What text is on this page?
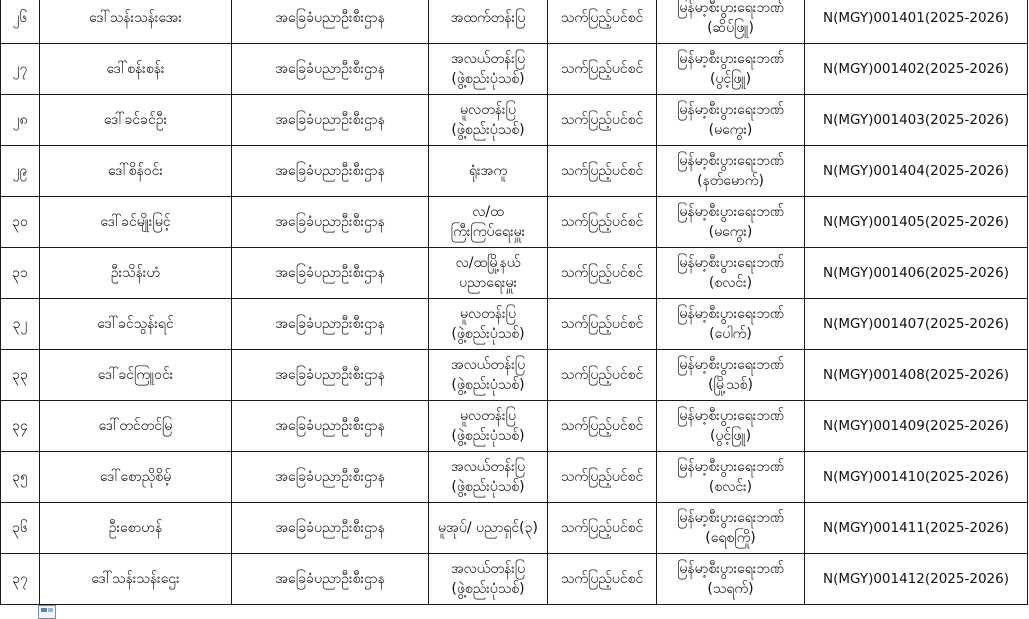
၂၆	ဒေါ်သန်းသန်းအေး	အခြေခံပညာဦးစီးဌာန	အထက်တန်းပြ	သက်ပြည့်ပင်စင်	မြန်မာ့စီးပွားရေးဘဏ်
(ဆိပ်ဖြူ)	N(MGY)001401(2025-2026)
၂၇	ဒေါ်စန်းစန်း	အခြေခံပညာဦးစီးဌာန	အလယ်တန်းပြ
(ဖွဲ့စည်းပုံသစ်)	သက်ပြည့်ပင်စင်	မြန်မာ့စီးပွားရေးဘဏ်
(ပွင့်ဖြူ)	N(MGY)001402(2025-2026)
၂၈	ဒေါ်ခင်ခင်ဦး	အခြေခံပညာဦးစီးဌာန	မူလတန်းပြ
(ဖွဲ့စည်းပုံသစ်)	သက်ပြည့်ပင်စင်	မြန်မာ့စီးပွားရေးဘဏ်
(မကွေး)	N(MGY)001403(2025-2026)
၂၉	ဒေါ်စိန်ဝင်း	အခြေခံပညာဦးစီးဌာန	ရုံးအကူ	သက်ပြည့်ပင်စင်	မြန်မာ့စီးပွားရေးဘဏ်
(နတ်မောက်)	N(MGY)001404(2025-2026)
၃၀	ဒေါ်ခင်မျိုးမြင့်	အခြေခံပညာဦးစီးဌာန	လ/ထ
ကြီးကြပ်ရေးမှူး	သက်ပြည့်ပင်စင်	မြန်မာ့စီးပွားရေးဘဏ်
(မကွေး)	N(MGY)001405(2025-2026)
၃၁	ဦးသိန်းဟံ	အခြေခံပညာဦးစီးဌာန	လ/ထမြို့နယ်
ပညာရေးမှူး	သက်ပြည့်ပင်စင်	မြန်မာ့စီးပွားရေးဘဏ်
(စလင်း)	N(MGY)001406(2025-2026)
၃၂	ဒေါ်ခင်သွန်းရင်	အခြေခံပညာဦးစီးဌာန	မူလတန်းပြ
(ဖွဲ့စည်းပုံသစ်)	သက်ပြည့်ပင်စင်	မြန်မာ့စီးပွားရေးဘဏ်
(ပေါက်)	N(MGY)001407(2025-2026)
၃၃	ဒေါ်ခင်ကြူဝင်း	အခြေခံပညာဦးစီးဌာန	အလယ်တန်းပြ
(ဖွဲ့စည်းပုံသစ်)	သက်ပြည့်ပင်စင်	မြန်မာ့စီးပွားရေးဘဏ်
(မြို့သစ်)	N(MGY)001408(2025-2026)
၃၄	ဒေါ်တင်တင်မြ	အခြေခံပညာဦးစီးဌာန	မူလတန်းပြ
(ဖွဲ့စည်းပုံသစ်)	သက်ပြည့်ပင်စင်	မြန်မာ့စီးပွားရေးဘဏ်
(ပွင့်ဖြူ)	N(MGY)001409(2025-2026)
၃၅	ဒေါ်စောညိုစိမ့်	အခြေခံပညာဦးစီးဌာန	အလယ်တန်းပြ
(ဖွဲ့စည်းပုံသစ်)	သက်ပြည့်ပင်စင်	မြန်မာ့စီးပွားရေးဘဏ်
(စလင်း)	N(MGY)001410(2025-2026)
၃၆	ဦးစောဟန်	အခြေခံပညာဦးစီးဌာန	မူအုပ်/ ပညာရှင်(၃)	သက်ပြည့်ပင်စင်	မြန်မာ့စီးပွားရေးဘဏ်
(ရေစကြို)	N(MGY)001411(2025-2026)
၃၇	ဒေါ်သန်းသန်းဌေး	အခြေခံပညာဦးစီးဌာန	အလယ်တန်းပြ
(ဖွဲ့စည်းပုံသစ်)	သက်ပြည့်ပင်စင်	မြန်မာ့စီးပွားရေးဘဏ်
(သရက်)	N(MGY)001412(2025-2026)
